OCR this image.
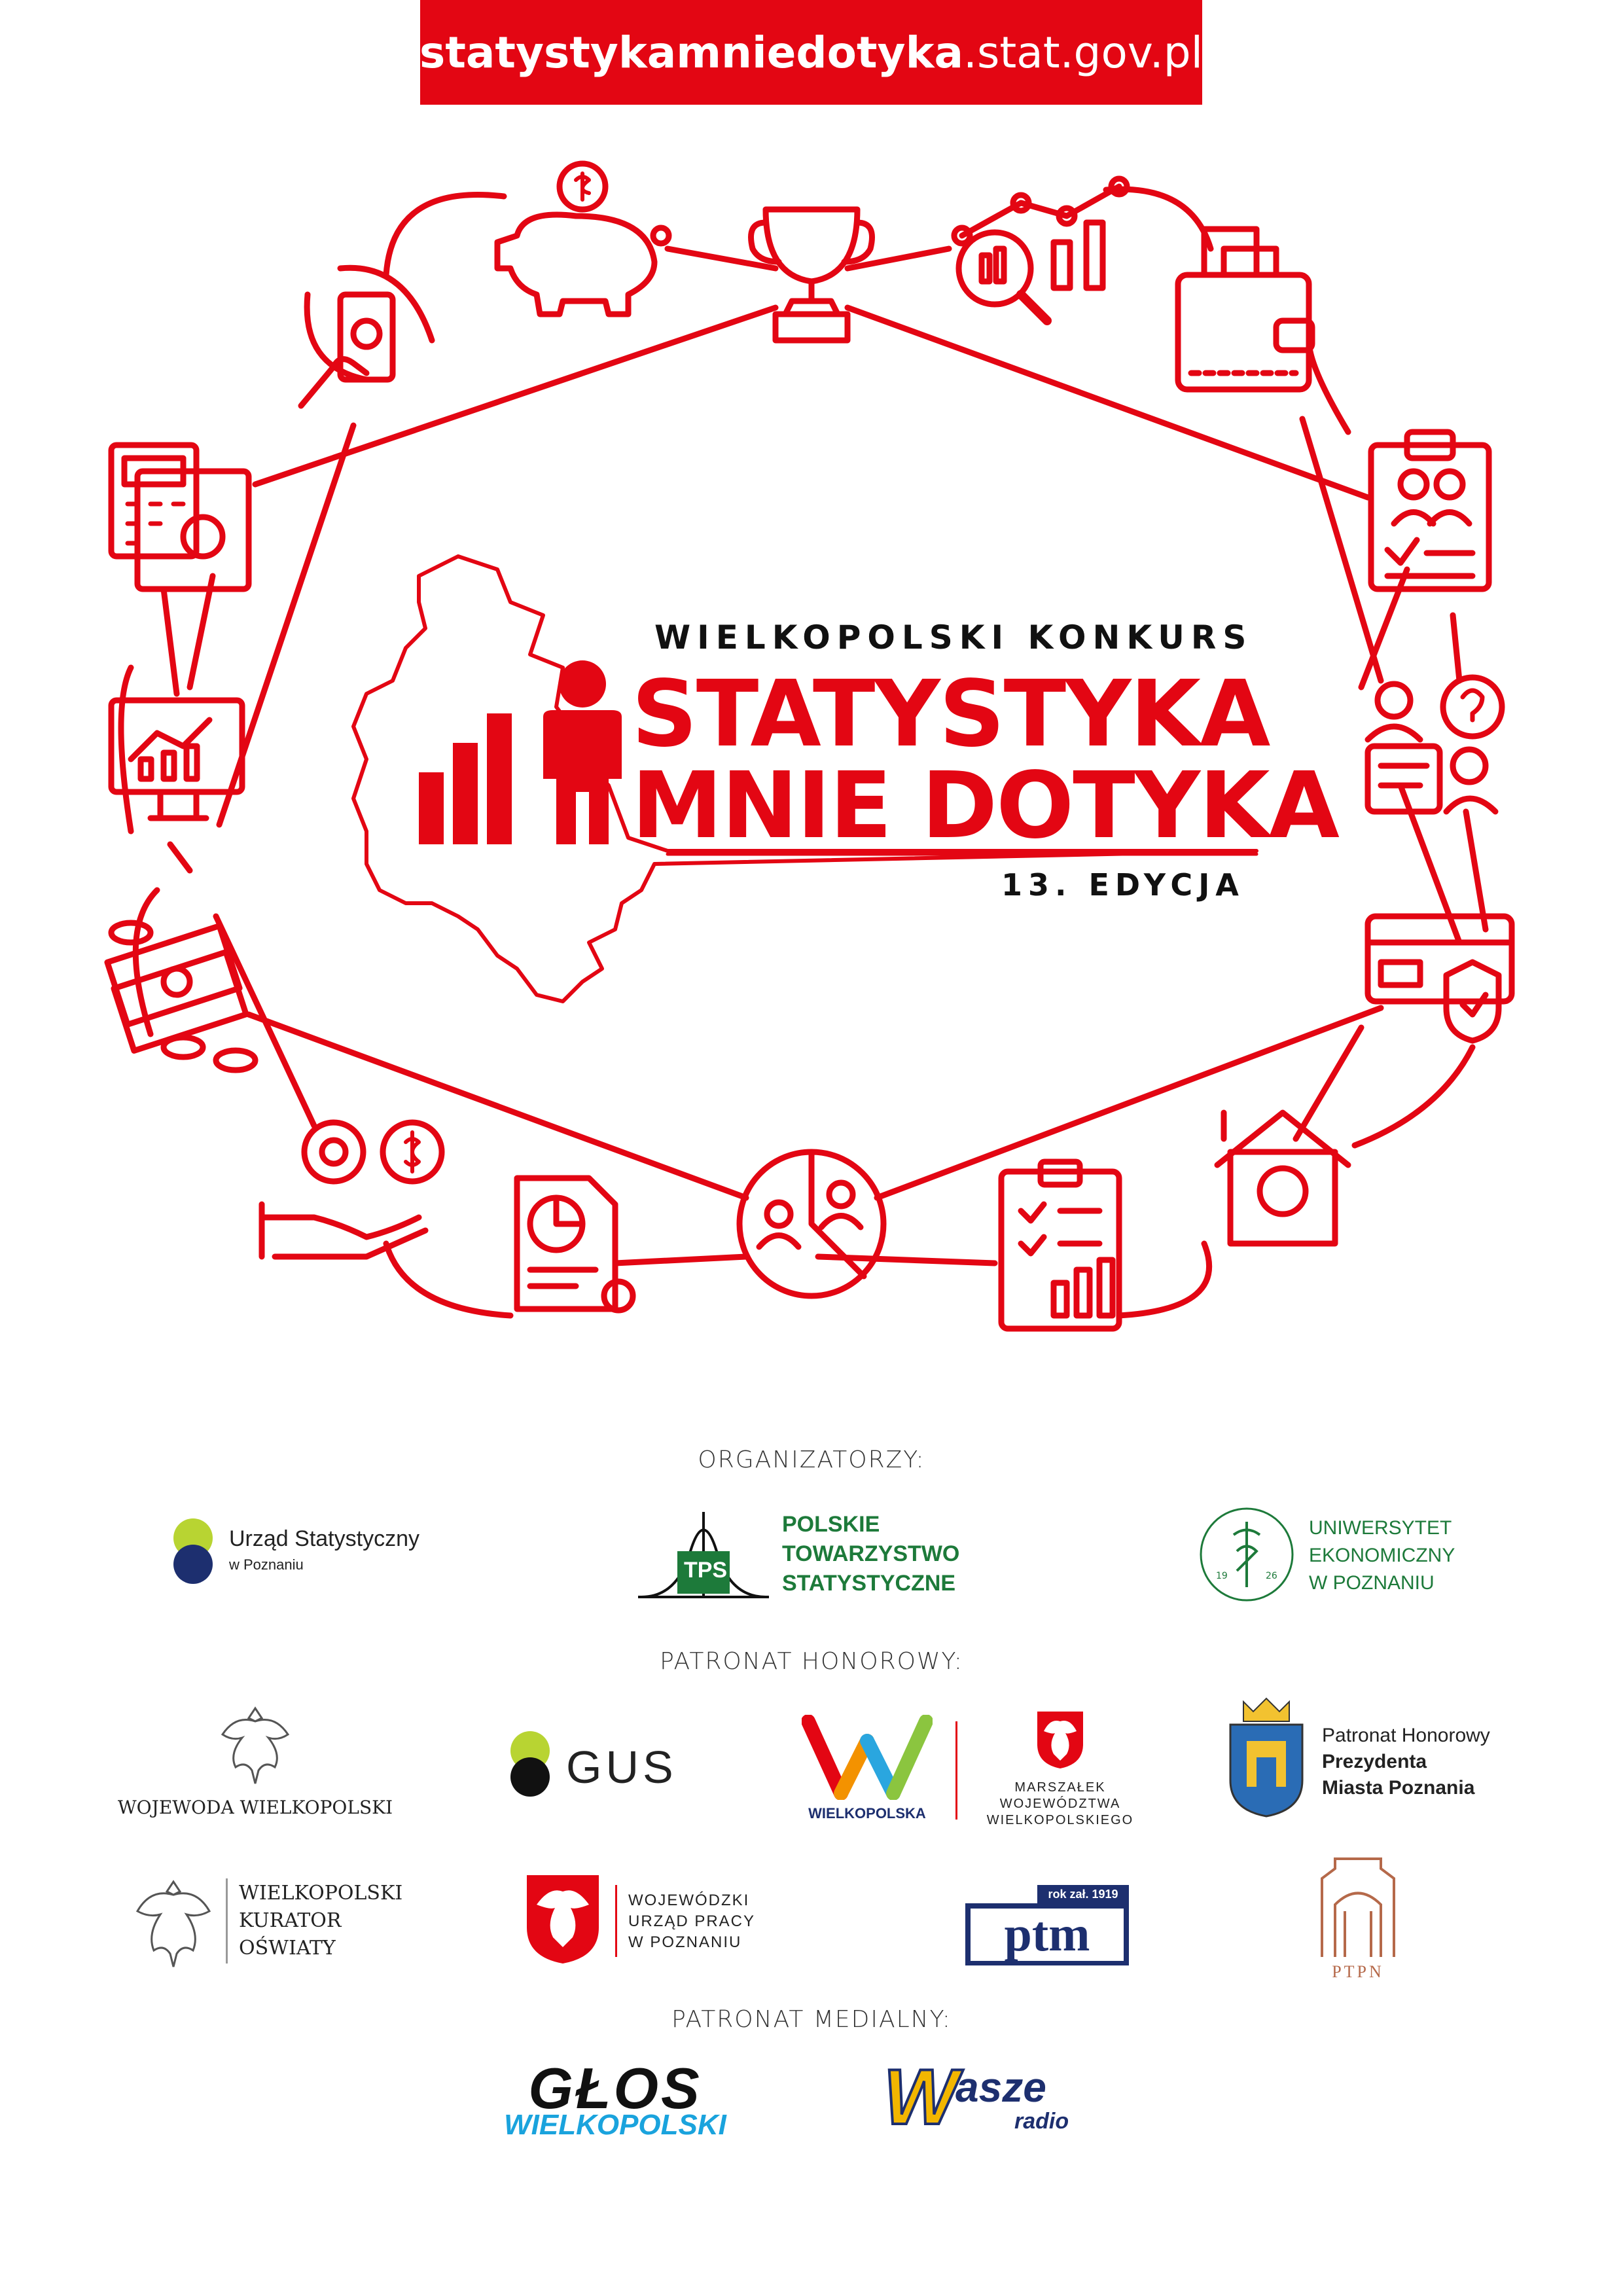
statystykamniedotyka .stat.gov.pl
WIELKOPOLSKI KONKURS
STATYSTYKA
MNIE DOTYKA
13. EDYCJA
ORGANIZATORZY:
Urząd Statystyczny
w Poznaniu	TPS
POLSKIE
TOWARZYSTWO
STATYSTYCZNE	19	26
UNIWERSYTET
EKONOMICZNY
W POZNANIU
PATRONAT HONOROWY:
WOJEWODA WIELKOPOLSKI
GUS
WIELKOPOLSKA
MARSZAŁEK
WOJEWÓDZTWA
WIELKOPOLSKIEGO
Patronat Honorowy
Prezydenta
Miasta Poznania
WIELKOPOLSKI
KURATOR
OŚWIATY
WOJEWÓDZKI
URZĄD PRACY
W POZNANIU
rok zał. 1919
ptm
PTPN
PATRONAT MEDIALNY:
GŁOS
WIELKOPOLSKI W
asze
radio
